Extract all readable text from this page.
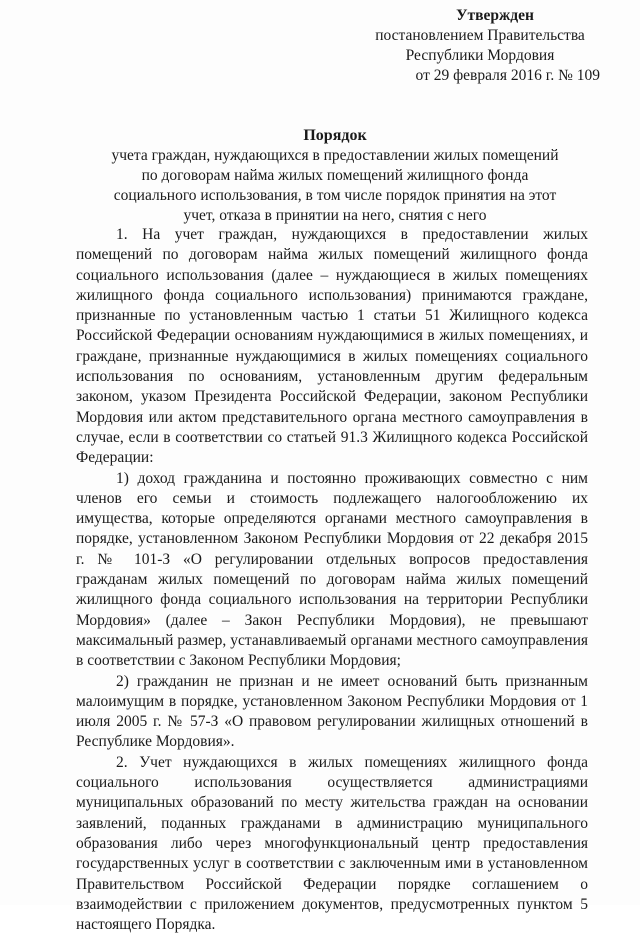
Утвержден
постановлением Правительства
Республики Мордовия
от 29 февраля 2016 г. № 109

Порядок

учета граждан, нуждающихся в предоставлении жилых помещений по договорам найма жилых помещений жилищного фонда социального использования, в том числе порядок принятия на этот учет, отказа в принятии на него, снятия с него

1. На учет граждан, нуждающихся в предоставлении жилых помещений по договорам найма жилых помещений жилищного фонда социального использования (далее – нуждающиеся в жилых помещениях жилищного фонда социального использования) принимаются граждане, признанные по установленным частью 1 статьи 51 Жилищного кодекса Российской Федерации основаниям нуждающимися в жилых помещениях, и граждане, признанные нуждающимися в жилых помещениях социального использования по основаниям, установленным другим федеральным законом, указом Президента Российской Федерации, законом Республики Мордовия или актом представительного органа местного самоуправления в случае, если в соответствии со статьей 91.3 Жилищного кодекса Российской Федерации:

1) доход гражданина и постоянно проживающих совместно с ним членов его семьи и стоимость подлежащего налогообложению их имущества, которые определяются органами местного самоуправления в порядке, установленном Законом Республики Мордовия от 22 декабря 2015 г. № 101-З «О регулировании отдельных вопросов предоставления гражданам жилых помещений по договорам найма жилых помещений жилищного фонда социального использования на территории Республики Мордовия» (далее – Закон Республики Мордовия), не превышают максимальный размер, устанавливаемый органами местного самоуправления в соответствии с Законом Республики Мордовия;

2) гражданин не признан и не имеет оснований быть признанным малоимущим в порядке, установленном Законом Республики Мордовия от 1 июля 2005 г. № 57-З «О правовом регулировании жилищных отношений в Республике Мордовия».

2. Учет нуждающихся в жилых помещениях жилищного фонда социального использования осуществляется администрациями муниципальных образований по месту жительства граждан на основании заявлений, поданных гражданами в администрацию муниципального образования либо через многофункциональный центр предоставления государственных услуг в соответствии с заключенным ими в установленном Правительством Российской Федерации порядке соглашением о взаимодействии с приложением документов, предусмотренных пунктом 5 настоящего Порядка.
